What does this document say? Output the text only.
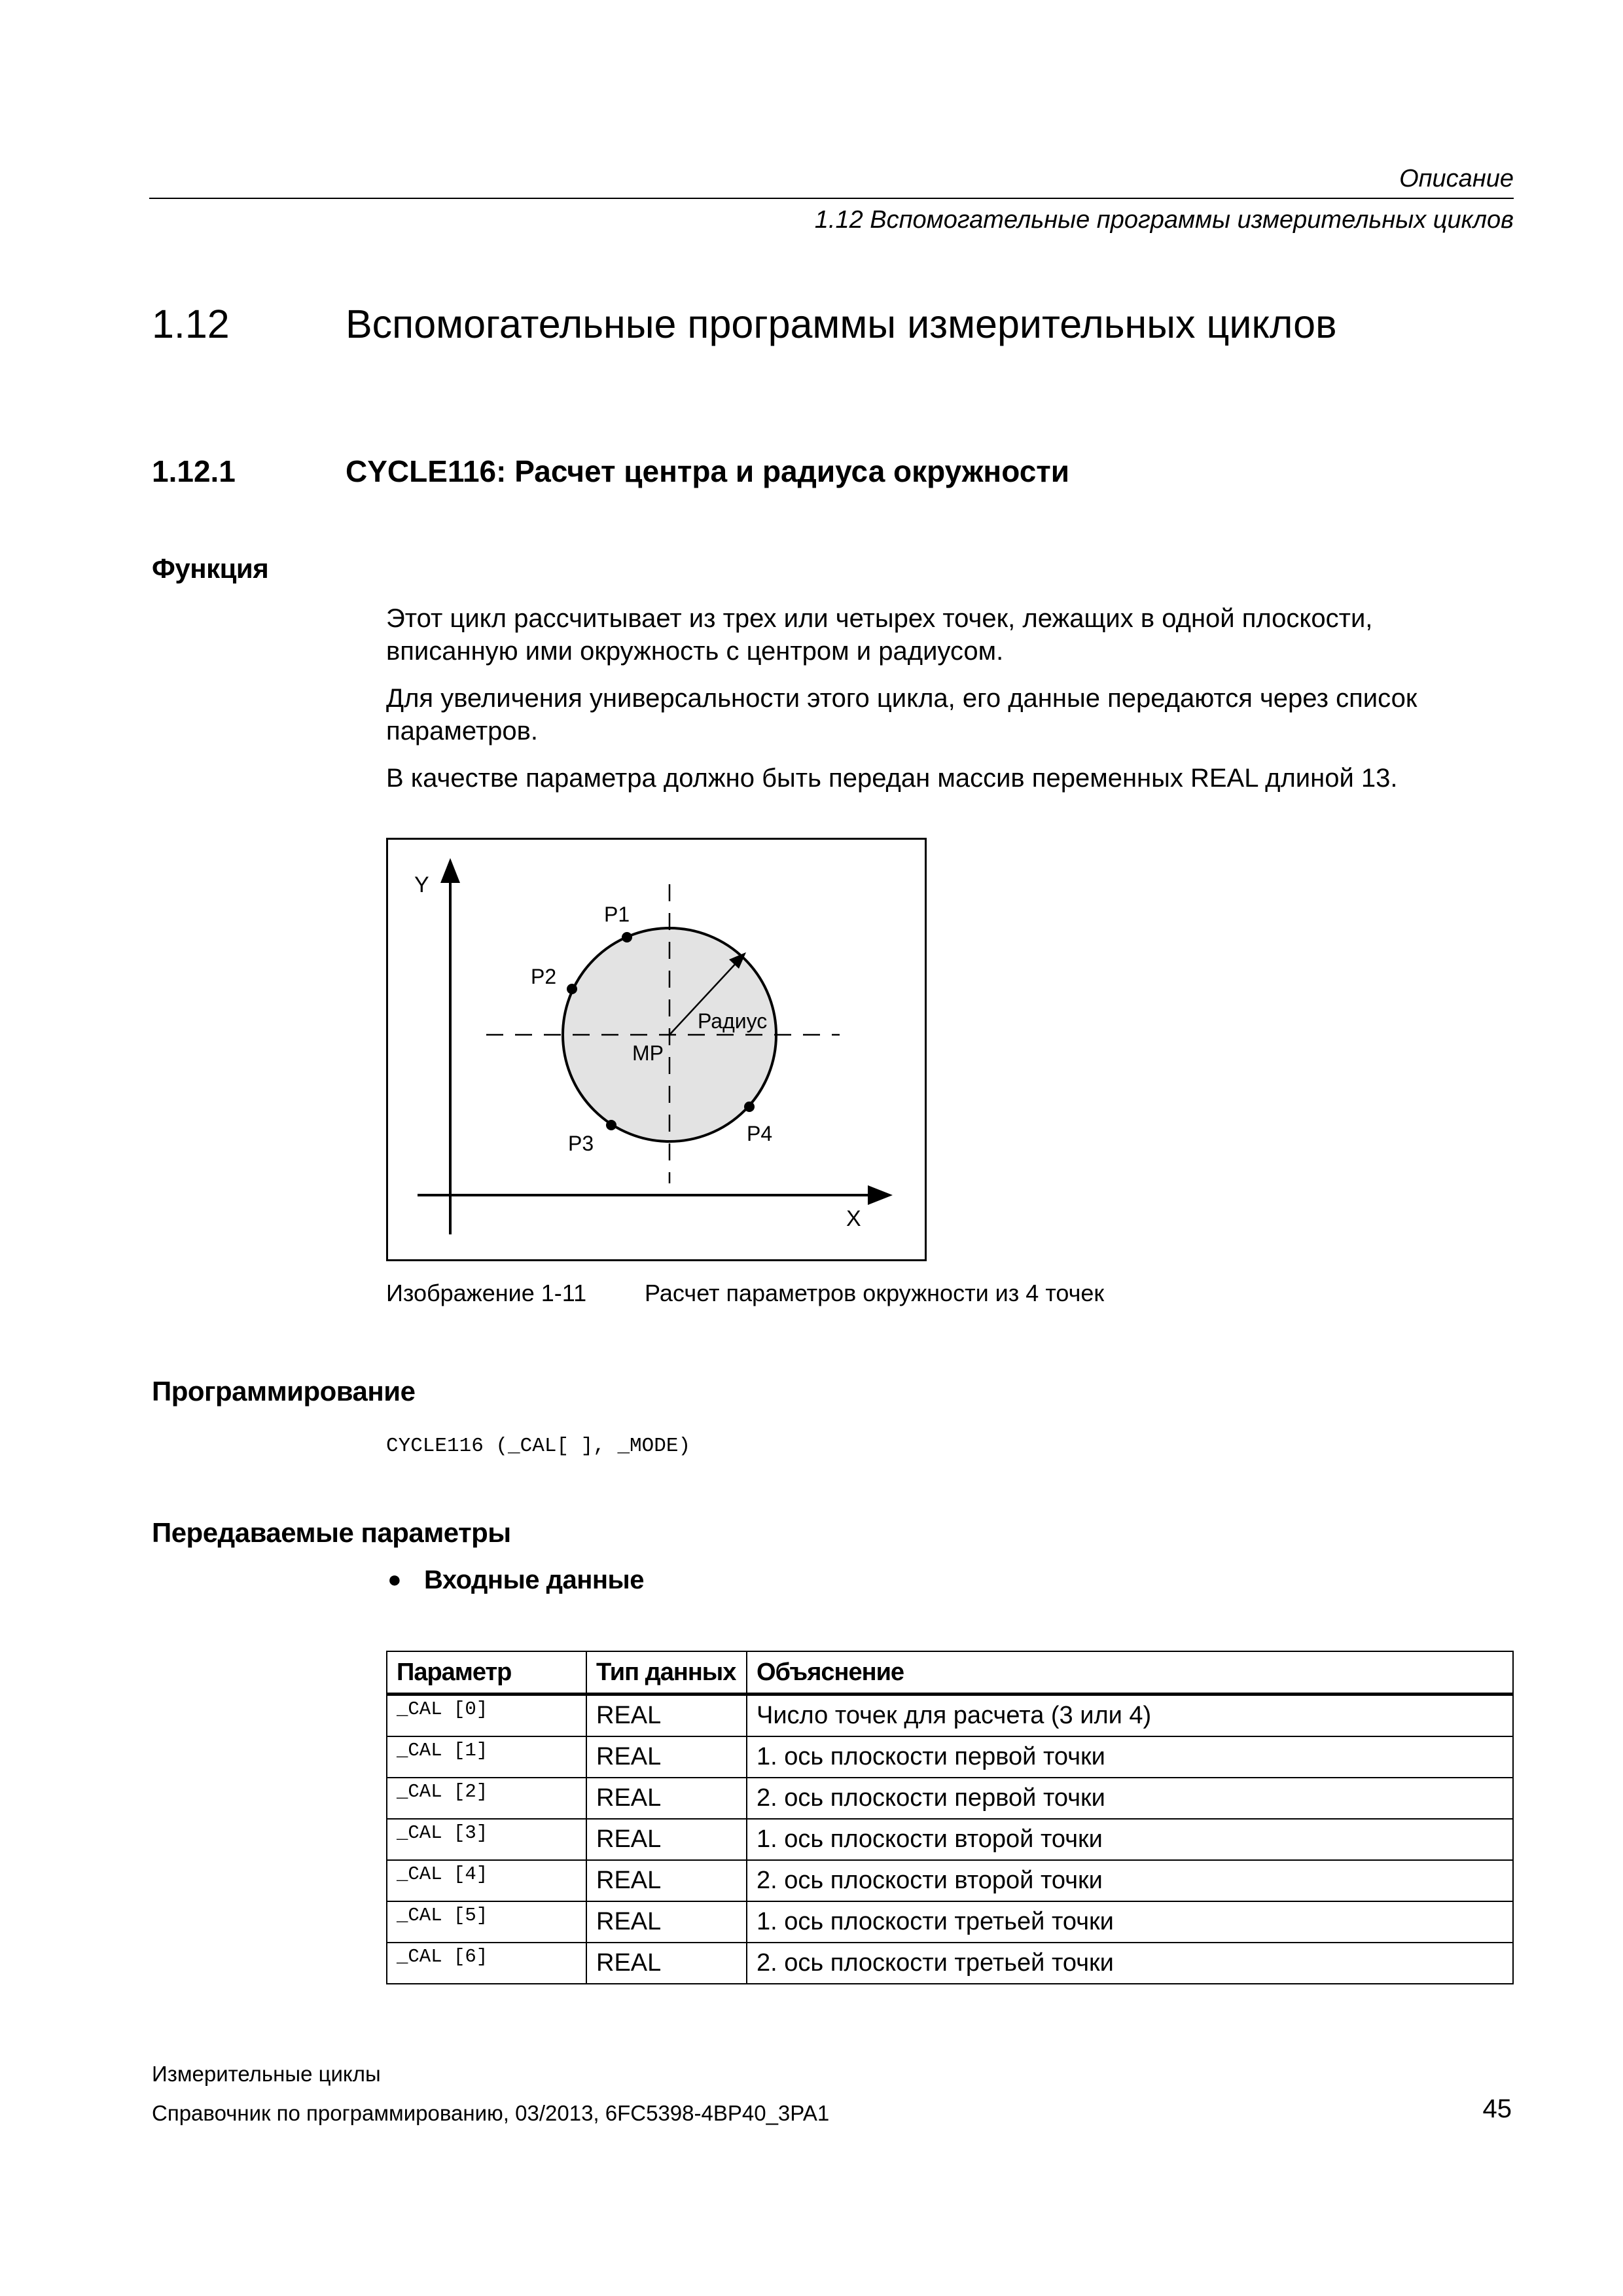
Описание
1.12 Вспомогательные программы измерительных циклов
1.12	Вспомогательные программы измерительных циклов
1.12.1	CYCLE116: Расчет центра и радиуса окружности
Функция

Этот цикл рассчитывает из трех или четырех точек, лежащих в одной плоскости, вписанную ими окружность с центром и радиусом.

Для увеличения универсальности этого цикла, его данные передаются через список параметров.

В качестве параметра должно быть передан массив переменных REAL длиной 13.

Y
X
P1
P2
P3	P4
MP
Радиус
Изображение 1-11 Расчет параметров окружности из 4 точек
Программирование
CYCLE116 (_CAL[ ], _MODE)
Передаваемые параметры
● Входные данные
Параметр	Тип данных	Объяснение
_CAL [0]	REAL	Число точек для расчета (3 или 4)
_CAL [1]	REAL	1. ось плоскости первой точки
_CAL [2]	REAL	2. ось плоскости первой точки
_CAL [3]	REAL	1. ось плоскости второй точки
_CAL [4]	REAL	2. ось плоскости второй точки
_CAL [5]	REAL	1. ось плоскости третьей точки
_CAL [6]	REAL	2. ось плоскости третьей точки
Измерительные циклы
Справочник по программированию, 03/2013, 6FC5398-4BP40_3PA1	45
